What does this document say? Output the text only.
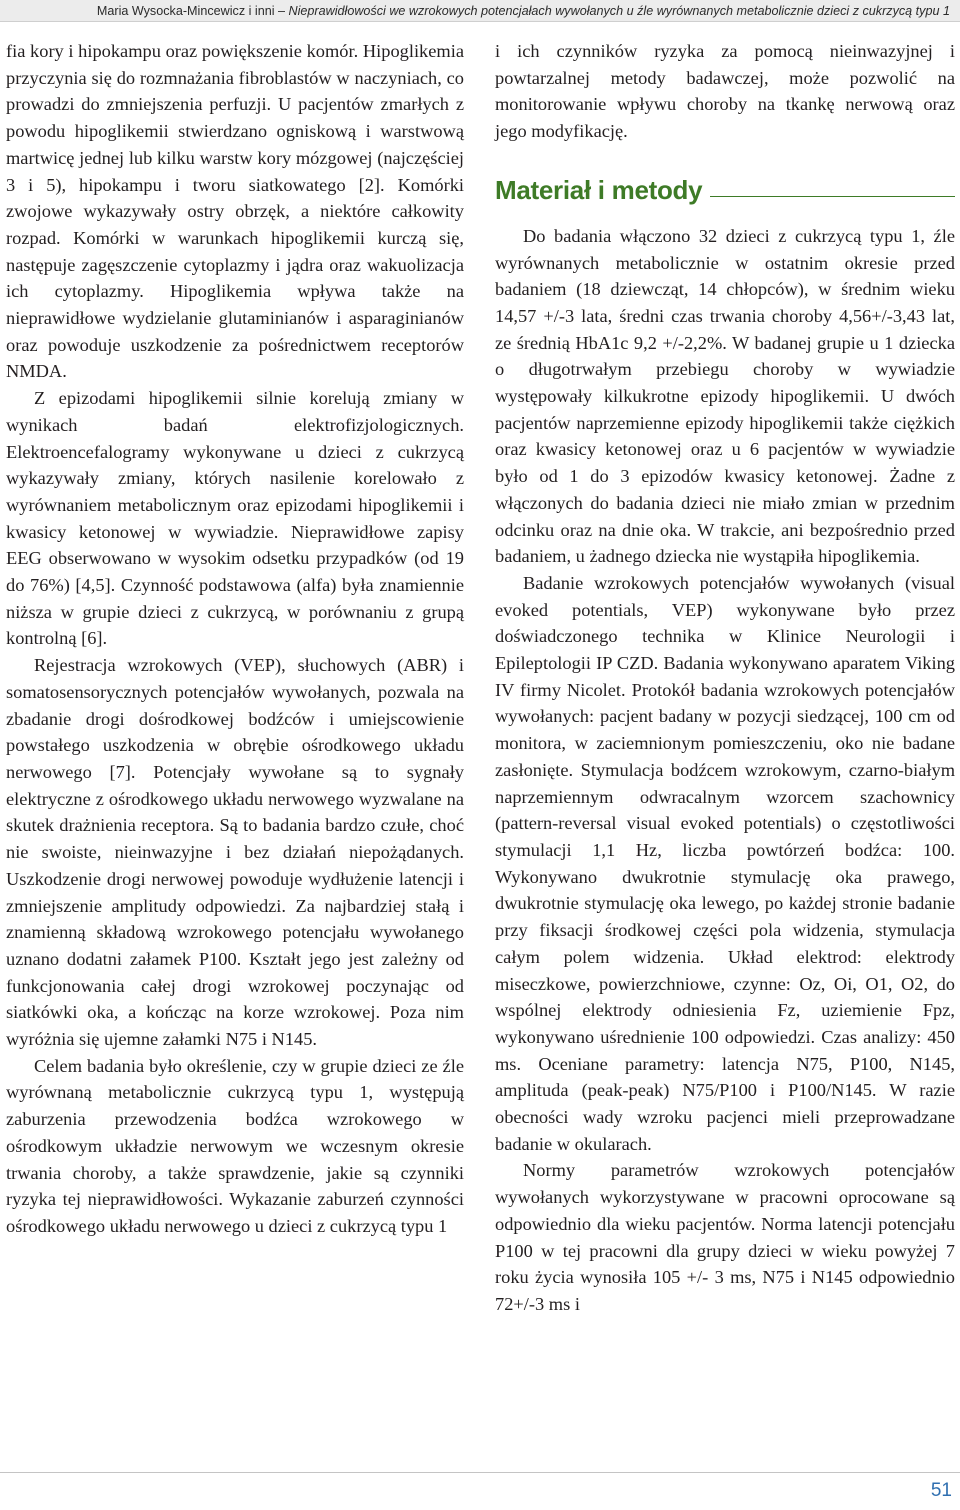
Maria Wysocka-Mincewicz i inni – Nieprawidłowości we wzrokowych potencjałach wywołanych u źle wyrównanych metabolicznie dzieci z cukrzycą typu 1

fia kory i hipokampu oraz powiększenie komór. Hipoglikemia przyczynia się do rozmnażania fibroblastów w naczyniach, co prowadzi do zmniejszenia perfuzji. U pacjentów zmarłych z powodu hipoglikemii stwierdzano ogniskową i warstwową martwicę jednej lub kilku warstw kory mózgowej (najczęściej 3 i 5), hipokampu i tworu siatkowatego [2]. Komórki zwojowe wykazywały ostry obrzęk, a niektóre całkowity rozpad. Komórki w warunkach hipoglikemii kurczą się, następuje zagęszczenie cytoplazmy i jądra oraz wakuolizacja ich cytoplazmy. Hipoglikemia wpływa także na nieprawidłowe wydzielanie glutaminianów i asparaginianów oraz powoduje uszkodzenie za pośrednictwem receptorów NMDA.

Z epizodami hipoglikemii silnie korelują zmiany w wynikach badań elektrofizjologicznych. Elektroencefalogramy wykonywane u dzieci z cukrzycą wykazywały zmiany, których nasilenie korelowało z wyrównaniem metabolicznym oraz epizodami hipoglikemii i kwasicy ketonowej w wywiadzie. Nieprawidłowe zapisy EEG obserwowano w wysokim odsetku przypadków (od 19 do 76%) [4,5]. Czynność podstawowa (alfa) była znamiennie niższa w grupie dzieci z cukrzycą, w porównaniu z grupą kontrolną [6].

Rejestracja wzrokowych (VEP), słuchowych (ABR) i somatosensorycznych potencjałów wywołanych, pozwala na zbadanie drogi dośrodkowej bodźców i umiejscowienie powstałego uszkodzenia w obrębie ośrodkowego układu nerwowego [7]. Potencjały wywołane są to sygnały elektryczne z ośrodkowego układu nerwowego wyzwalane na skutek drażnienia receptora. Są to badania bardzo czułe, choć nie swoiste, nieinwazyjne i bez działań niepożądanych. Uszkodzenie drogi nerwowej powoduje wydłużenie latencji i zmniejszenie amplitudy odpowiedzi. Za najbardziej stałą i znamienną składową wzrokowego potencjału wywołanego uznano dodatni załamek P100. Kształt jego jest zależny od funkcjonowania całej drogi wzrokowej poczynając od siatkówki oka, a kończąc na korze wzrokowej. Poza nim wyróżnia się ujemne załamki N75 i N145.

Celem badania było określenie, czy w grupie dzieci ze źle wyrównaną metabolicznie cukrzycą typu 1, występują zaburzenia przewodzenia bodźca wzrokowego w ośrodkowym układzie nerwowym we wczesnym okresie trwania choroby, a także sprawdzenie, jakie są czynniki ryzyka tej nieprawidłowości. Wykazanie zaburzeń czynności ośrodkowego układu nerwowego u dzieci z cukrzycą typu 1

i ich czynników ryzyka za pomocą nieinwazyjnej i powtarzalnej metody badawczej, może pozwolić na monitorowanie wpływu choroby na tkankę nerwową oraz jego modyfikację.

Materiał i metody

Do badania włączono 32 dzieci z cukrzycą typu 1, źle wyrównanych metabolicznie w ostatnim okresie przed badaniem (18 dziewcząt, 14 chłopców), w średnim wieku 14,57 +/-3 lata, średni czas trwania choroby 4,56+/-3,43 lat, ze średnią HbA1c 9,2 +/-2,2%. W badanej grupie u 1 dziecka o długotrwałym przebiegu choroby w wywiadzie występowały kilkukrotne epizody hipoglikemii. U dwóch pacjentów naprzemienne epizody hipoglikemii także ciężkich oraz kwasicy ketonowej oraz u 6 pacjentów w wywiadzie było od 1 do 3 epizodów kwasicy ketonowej. Żadne z włączonych do badania dzieci nie miało zmian w przednim odcinku oraz na dnie oka. W trakcie, ani bezpośrednio przed badaniem, u żadnego dziecka nie wystąpiła hipoglikemia.

Badanie wzrokowych potencjałów wywołanych (visual evoked potentials, VEP) wykonywane było przez doświadczonego technika w Klinice Neurologii i Epileptologii IP CZD. Badania wykonywano aparatem Viking IV firmy Nicolet. Protokół badania wzrokowych potencjałów wywołanych: pacjent badany w pozycji siedzącej, 100 cm od monitora, w zaciemnionym pomieszczeniu, oko nie badane zasłonięte. Stymulacja bodźcem wzrokowym, czarno-białym naprzemiennym odwracalnym wzorcem szachownicy (pattern-reversal visual evoked potentials) o częstotliwości stymulacji 1,1 Hz, liczba powtórzeń bodźca: 100. Wykonywano dwukrotnie stymulację oka prawego, dwukrotnie stymulację oka lewego, po każdej stronie badanie przy fiksacji środkowej części pola widzenia, stymulacja całym polem widzenia. Układ elektrod: elektrody miseczkowe, powierzchniowe, czynne: Oz, Oi, O1, O2, do wspólnej elektrody odniesienia Fz, uziemienie Fpz, wykonywano uśrednienie 100 odpowiedzi. Czas analizy: 450 ms. Oceniane parametry: latencja N75, P100, N145, amplituda (peak-peak) N75/P100 i P100/N145. W razie obecności wady wzroku pacjenci mieli przeprowadzane badanie w okularach.

Normy parametrów wzrokowych potencjałów wywołanych wykorzystywane w pracowni oprocowane są odpowiednio dla wieku pacjentów. Norma latencji potencjału P100 w tej pracowni dla grupy dzieci w wieku powyżej 7 roku życia wynosiła 105 +/- 3 ms, N75 i N145 odpowiednio 72+/-3 ms i

51
